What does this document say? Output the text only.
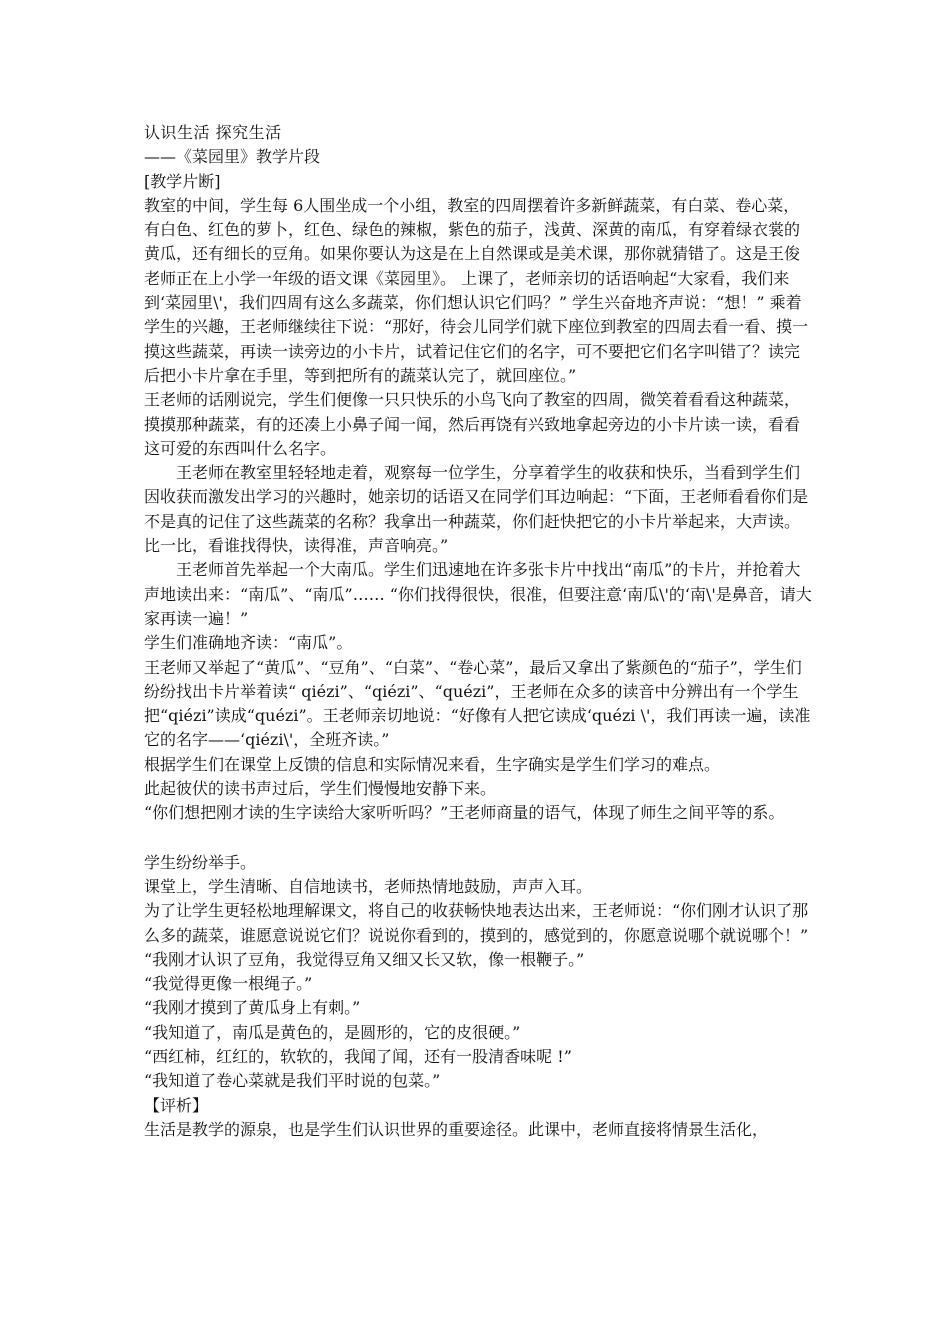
认识生活 探究生活

——《菜园里》教学片段

[教学片断]

教室的中间，学生每 6人围坐成一个小组，教室的四周摆着许多新鲜蔬菜，有白菜、卷心菜，有白色、红色的萝卜，红色、绿色的辣椒，紫色的茄子，浅黄、深黄的南瓜，有穿着绿衣裳的黄瓜，还有细长的豆角。如果你要认为这是在上自然课或是美术课，那你就猜错了。这是王俊老师正在上小学一年级的语文课《菜园里》。 上课了，老师亲切的话语响起“大家看，我们来到‘菜园里\'，我们四周有这么多蔬菜，你们想认识它们吗？” 学生兴奋地齐声说：“想！” 乘着学生的兴趣，王老师继续往下说：“那好，待会儿同学们就下座位到教室的四周去看一看、摸一摸这些蔬菜，再读一读旁边的小卡片，试着记住它们的名字，可不要把它们名字叫错了？读完后把小卡片拿在手里，等到把所有的蔬菜认完了，就回座位。”

王老师的话刚说完，学生们便像一只只快乐的小鸟飞向了教室的四周，微笑着看看这种蔬菜，摸摸那种蔬菜，有的还凑上小鼻子闻一闻，然后再饶有兴致地拿起旁边的小卡片读一读，看看这可爱的东西叫什么名字。

王老师在教室里轻轻地走着，观察每一位学生，分享着学生的收获和快乐，当看到学生们因收获而激发出学习的兴趣时，她亲切的话语又在同学们耳边响起：“下面，王老师看看你们是不是真的记住了这些蔬菜的名称？我拿出一种蔬菜，你们赶快把它的小卡片举起来，大声读。比一比，看谁找得快，读得准，声音响亮。”

王老师首先举起一个大南瓜。学生们迅速地在许多张卡片中找出“南瓜”的卡片，并抢着大声地读出来：“南瓜”、“南瓜”…… “你们找得很快，很准，但要注意‘南瓜\'的‘南\'是鼻音，请大家再读一遍！”

学生们准确地齐读：“南瓜”。

王老师又举起了“黄瓜”、“豆角”、“白菜”、“卷心菜”，最后又拿出了紫颜色的“茄子”，学生们纷纷找出卡片举着读“ qiézi”、“qiézi”、“quézi”，王老师在众多的读音中分辨出有一个学生把“qiézi”读成“quézi”。王老师亲切地说：“好像有人把它读成‘quézi \'，我们再读一遍，读准它的名字——‘qiézi\'，全班齐读。”

根据学生们在课堂上反馈的信息和实际情况来看，生字确实是学生们学习的难点。

此起彼伏的读书声过后，学生们慢慢地安静下来。

“你们想把刚才读的生字读给大家听听吗？”王老师商量的语气，体现了师生之间平等的系。

学生纷纷举手。

课堂上，学生清晰、自信地读书，老师热情地鼓励，声声入耳。

为了让学生更轻松地理解课文，将自己的收获畅快地表达出来，王老师说：“你们刚才认识了那么多的蔬菜，谁愿意说说它们？说说你看到的，摸到的，感觉到的，你愿意说哪个就说哪个！”

“我刚才认识了豆角，我觉得豆角又细又长又软，像一根鞭子。”

“我觉得更像一根绳子。”

“我刚才摸到了黄瓜身上有刺。”

“我知道了，南瓜是黄色的，是圆形的，它的皮很硬。”

“西红柿，红红的，软软的，我闻了闻，还有一股清香味呢 !”

“我知道了卷心菜就是我们平时说的包菜。”

【评析】

生活是教学的源泉，也是学生们认识世界的重要途径。此课中，老师直接将情景生活化，
